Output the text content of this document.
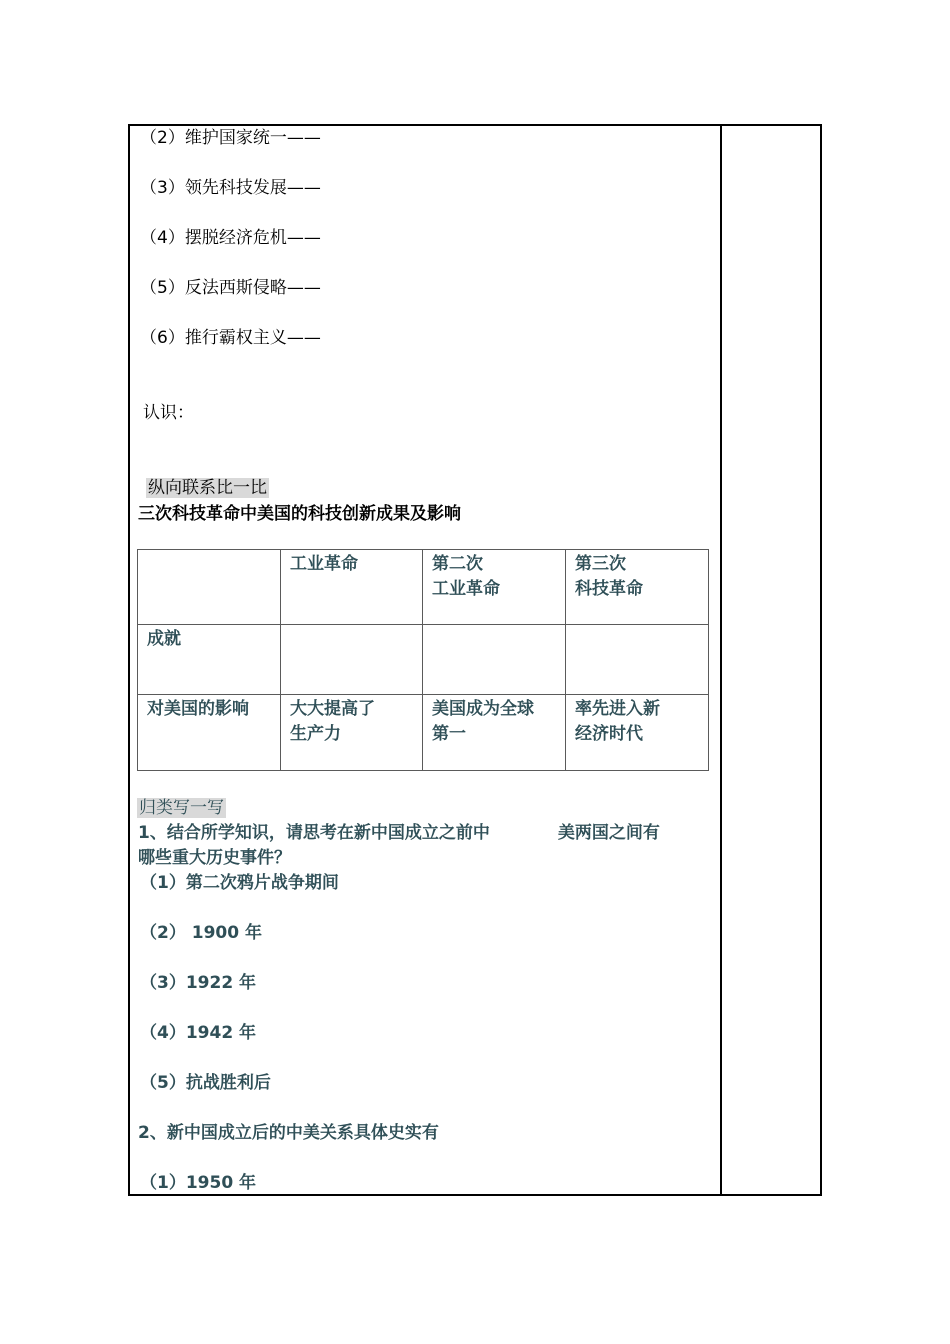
（2）维护国家统一——
（3）领先科技发展——
（4）摆脱经济危机——
（5）反法西斯侵略——
（6）推行霸权主义——
认识：
纵向联系比一比
三次科技革命中美国的科技创新成果及影响
工业革命	第二次
工业革命
第三次
科技革命
成就
对美国的影响 大大提高了
生产力
美国成为全球
第一
率先进入新
经济时代
归类写一写
1、结合所学知识，请思考在新中国成立之前中	美两国之间有
哪些重大历史事件？
（1）第二次鸦片战争期间
（2） 1900 年
（3）1922 年
（4）1942 年
（5）抗战胜利后
2、新中国成立后的中美关系具体史实有
（1）1950 年
